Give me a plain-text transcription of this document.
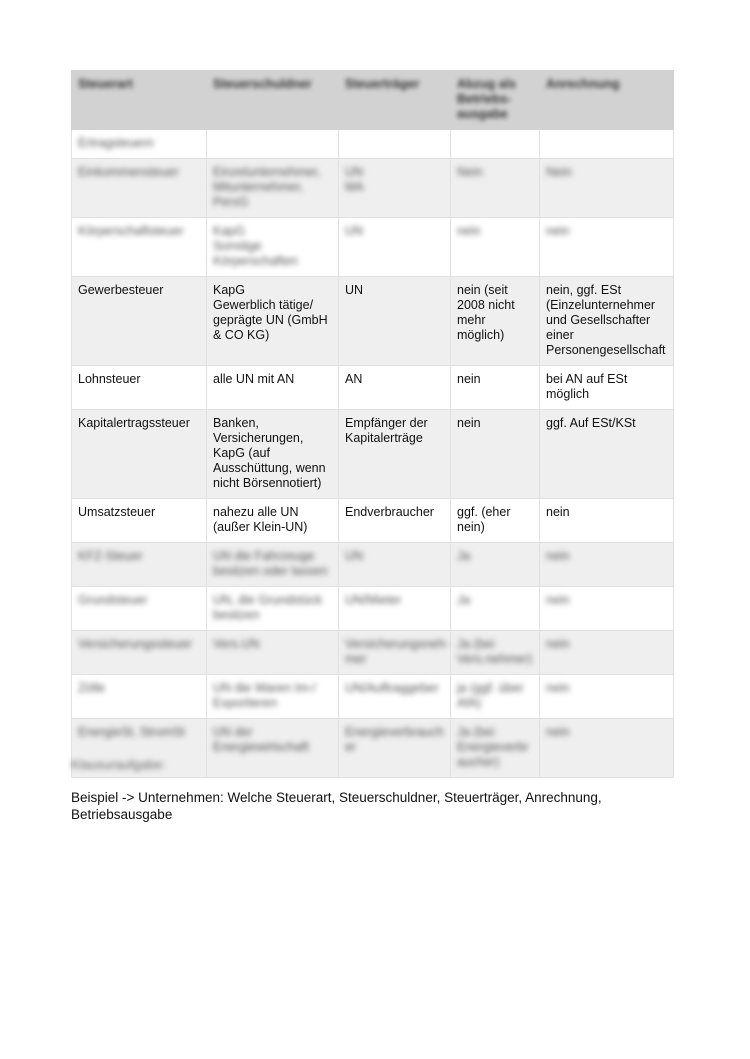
Steuerart	Steuerschuldner	Steuerträger	Abzug als
Betriebs-
ausgabe	Anrechnung
Ertragsteuern				
Einkommensteuer	Einzelunternehmer,
Mitunternehmer,
PersG	UN
MA	Nein	Nein
Körperschaftsteuer	KapG
Sonstige
Körperschaften	UN	nein	nein
Gewerbesteuer	KapG
Gewerblich tätige/
geprägte UN (GmbH
& CO KG)	UN	nein (seit
2008 nicht
mehr
möglich)	nein, ggf. ESt
(Einzelunternehmer
und Gesellschafter
einer
Personengesellschaft
Lohnsteuer	alle UN mit AN	AN	nein	bei AN auf ESt
möglich
Kapitalertragssteuer	Banken,
Versicherungen,
KapG (auf
Ausschüttung, wenn
nicht Börsennotiert)	Empfänger der
Kapitalerträge	nein	ggf. Auf ESt/KSt
Umsatzsteuer	nahezu alle UN
(außer Klein-UN)	Endverbraucher	ggf. (eher
nein)	nein
KFZ-Steuer	UN die Fahrzeuge
besitzen oder lassen	UN	Ja	nein
Grundsteuer	UN, die Grundstück
besitzen	UN/Mieter	Ja	nein
Versicherungssteuer	Vers.UN	Versicherungsneh-
mer	Ja (bei
Vers.nehmer)	nein
Zölle	UN die Waren Im-/
Exportieren	UN/Auftraggeber	ja (ggf. über
AfA)	nein
EnergieSt, StromSt	UN der
Energiewirtschaft	Energieverbrauch
er	Ja (bei
Energieverbr
aucher)	nein
Klausuraufgabe:
Beispiel -> Unternehmen: Welche Steuerart, Steuerschuldner, Steuerträger, Anrechnung, Betriebsausgabe
